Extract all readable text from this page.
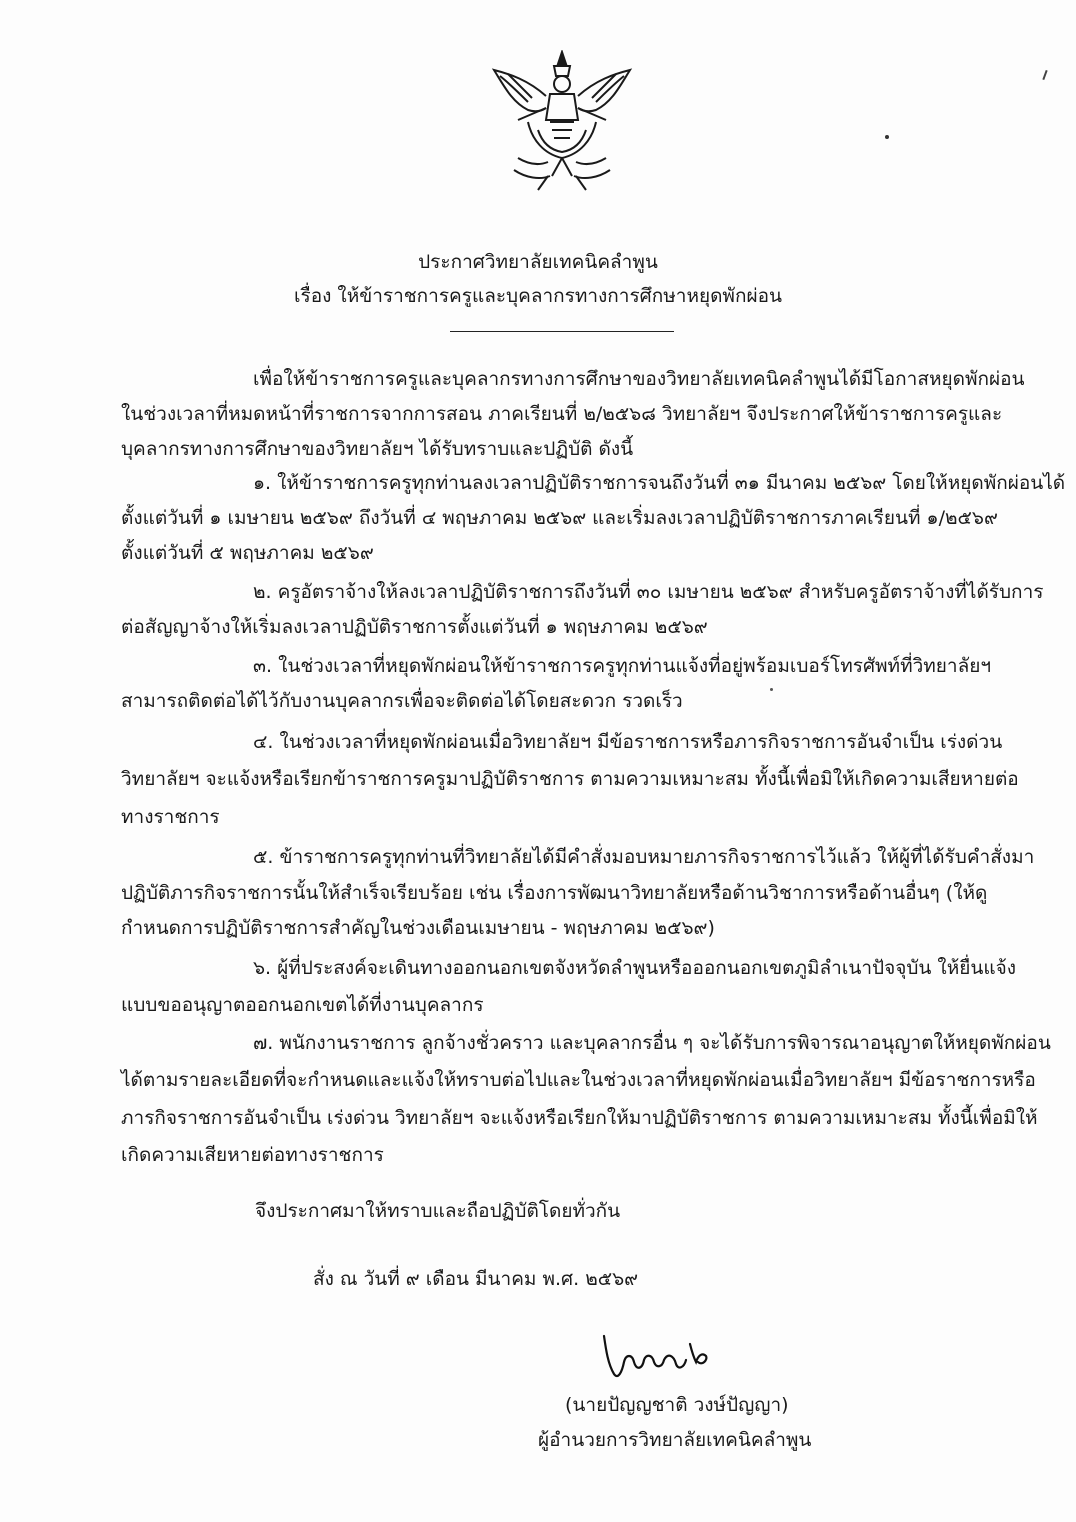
ประกาศวิทยาลัยเทคนิคลำพูน
เรื่อง ให้ข้าราชการครูและบุคลากรทางการศึกษาหยุดพักผ่อน
เพื่อให้ข้าราชการครูและบุคลากรทางการศึกษาของวิทยาลัยเทคนิคลำพูนได้มีโอกาสหยุดพักผ่อน
ในช่วงเวลาที่หมดหน้าที่ราชการจากการสอน ภาคเรียนที่ ๒/๒๕๖๘ วิทยาลัยฯ จึงประกาศให้ข้าราชการครูและ
บุคลากรทางการศึกษาของวิทยาลัยฯ ได้รับทราบและปฏิบัติ ดังนี้
๑. ให้ข้าราชการครูทุกท่านลงเวลาปฏิบัติราชการจนถึงวันที่ ๓๑ มีนาคม ๒๕๖๙ โดยให้หยุดพักผ่อนได้
ตั้งแต่วันที่ ๑ เมษายน ๒๕๖๙ ถึงวันที่ ๔ พฤษภาคม ๒๕๖๙ และเริ่มลงเวลาปฏิบัติราชการภาคเรียนที่ ๑/๒๕๖๙
ตั้งแต่วันที่ ๕ พฤษภาคม ๒๕๖๙
๒. ครูอัตราจ้างให้ลงเวลาปฏิบัติราชการถึงวันที่ ๓๐ เมษายน ๒๕๖๙ สำหรับครูอัตราจ้างที่ได้รับการ
ต่อสัญญาจ้างให้เริ่มลงเวลาปฏิบัติราชการตั้งแต่วันที่ ๑ พฤษภาคม ๒๕๖๙
๓. ในช่วงเวลาที่หยุดพักผ่อนให้ข้าราชการครูทุกท่านแจ้งที่อยู่พร้อมเบอร์โทรศัพท์ที่วิทยาลัยฯ
สามารถติดต่อได้ไว้กับงานบุคลากรเพื่อจะติดต่อได้โดยสะดวก รวดเร็ว
๔. ในช่วงเวลาที่หยุดพักผ่อนเมื่อวิทยาลัยฯ มีข้อราชการหรือภารกิจราชการอันจำเป็น เร่งด่วน
วิทยาลัยฯ จะแจ้งหรือเรียกข้าราชการครูมาปฏิบัติราชการ ตามความเหมาะสม ทั้งนี้เพื่อมิให้เกิดความเสียหายต่อ
ทางราชการ
๕. ข้าราชการครูทุกท่านที่วิทยาลัยได้มีคำสั่งมอบหมายภารกิจราชการไว้แล้ว ให้ผู้ที่ได้รับคำสั่งมา
ปฏิบัติภารกิจราชการนั้นให้สำเร็จเรียบร้อย เช่น เรื่องการพัฒนาวิทยาลัยหรือด้านวิชาการหรือด้านอื่นๆ (ให้ดู
กำหนดการปฏิบัติราชการสำคัญในช่วงเดือนเมษายน - พฤษภาคม ๒๕๖๙)
๖. ผู้ที่ประสงค์จะเดินทางออกนอกเขตจังหวัดลำพูนหรือออกนอกเขตภูมิลำเนาปัจจุบัน ให้ยื่นแจ้ง
แบบขออนุญาตออกนอกเขตได้ที่งานบุคลากร
๗. พนักงานราชการ ลูกจ้างชั่วคราว และบุคลากรอื่น ๆ จะได้รับการพิจารณาอนุญาตให้หยุดพักผ่อน
ได้ตามรายละเอียดที่จะกำหนดและแจ้งให้ทราบต่อไปและในช่วงเวลาที่หยุดพักผ่อนเมื่อวิทยาลัยฯ มีข้อราชการหรือ
ภารกิจราชการอันจำเป็น เร่งด่วน วิทยาลัยฯ จะแจ้งหรือเรียกให้มาปฏิบัติราชการ ตามความเหมาะสม ทั้งนี้เพื่อมิให้
เกิดความเสียหายต่อทางราชการ
จึงประกาศมาให้ทราบและถือปฏิบัติโดยทั่วกัน
สั่ง ณ วันที่ ๙ เดือน มีนาคม พ.ศ. ๒๕๖๙
(นายปัญญชาติ วงษ์ปัญญา)
ผู้อำนวยการวิทยาลัยเทคนิคลำพูน
